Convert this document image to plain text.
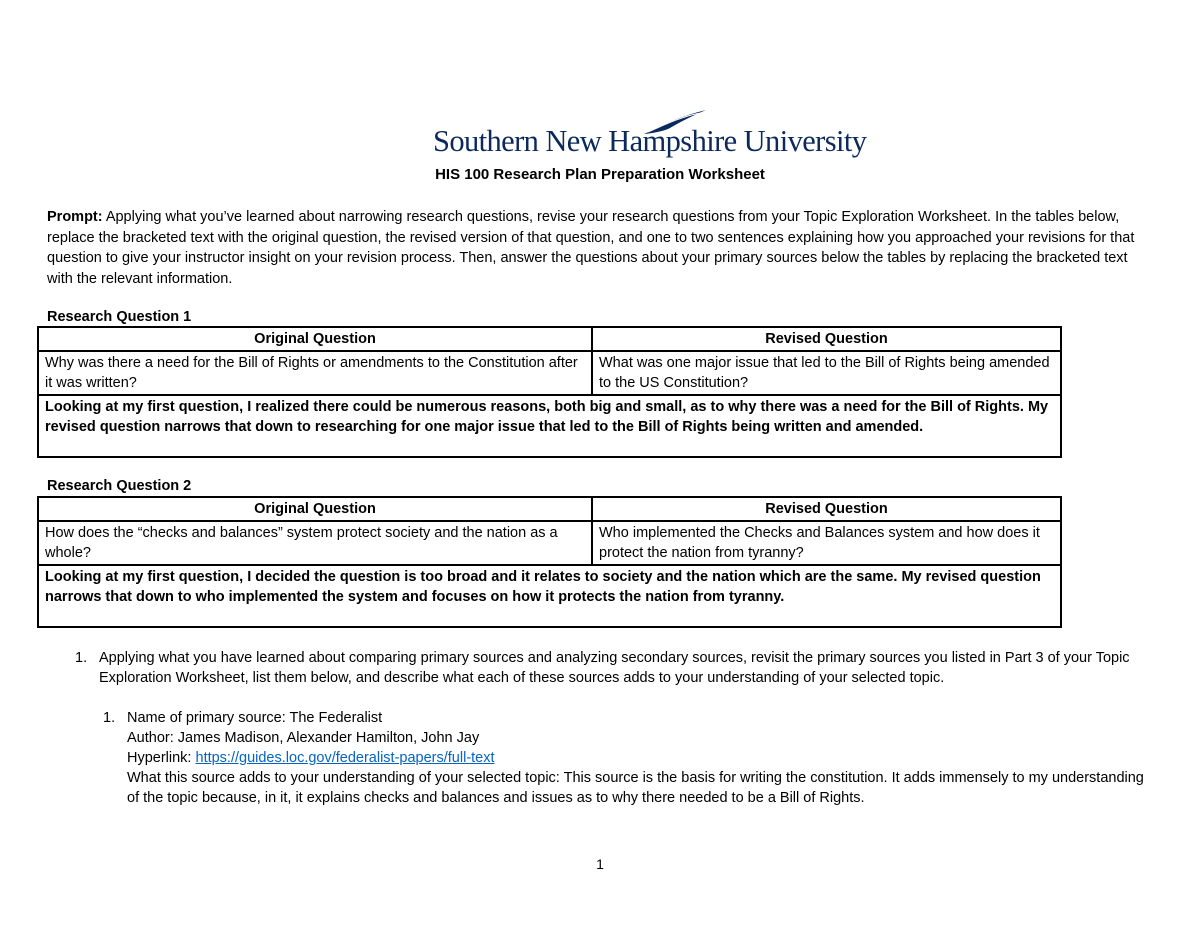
Southern New Hampshire University
HIS 100 Research Plan Preparation Worksheet
Prompt: Applying what you’ve learned about narrowing research questions, revise your research questions from your Topic Exploration Worksheet. In the tables below, replace the bracketed text with the original question, the revised version of that question, and one to two sentences explaining how you approached your revisions for that question to give your instructor insight on your revision process. Then, answer the questions about your primary sources below the tables by replacing the bracketed text with the relevant information.
Research Question 1
Original Question	Revised Question
Why was there a need for the Bill of Rights or amendments to the Constitution after it was written?	What was one major issue that led to the Bill of Rights being amended to the US Constitution?
Looking at my first question, I realized there could be numerous reasons, both big and small, as to why there was a need for the Bill of Rights. My revised question narrows that down to researching for one major issue that led to the Bill of Rights being written and amended.	
Research Question 2
Original Question	Revised Question
How does the “checks and balances” system protect society and the nation as a whole?	Who implemented the Checks and Balances system and how does it protect the nation from tyranny?
Looking at my first question, I decided the question is too broad and it relates to society and the nation which are the same. My revised question narrows that down to who implemented the system and focuses on how it protects the nation from tyranny.	
1. Applying what you have learned about comparing primary sources and analyzing secondary sources, revisit the primary sources you listed in Part 3 of your Topic Exploration Worksheet, list them below, and describe what each of these sources adds to your understanding of your selected topic.
1. Name of primary source: The Federalist
Author: James Madison, Alexander Hamilton, John Jay
Hyperlink: https://guides.loc.gov/federalist-papers/full-text
What this source adds to your understanding of your selected topic: This source is the basis for writing the constitution. It adds immensely to my understanding of the topic because, in it, it explains checks and balances and issues as to why there needed to be a Bill of Rights.
1
